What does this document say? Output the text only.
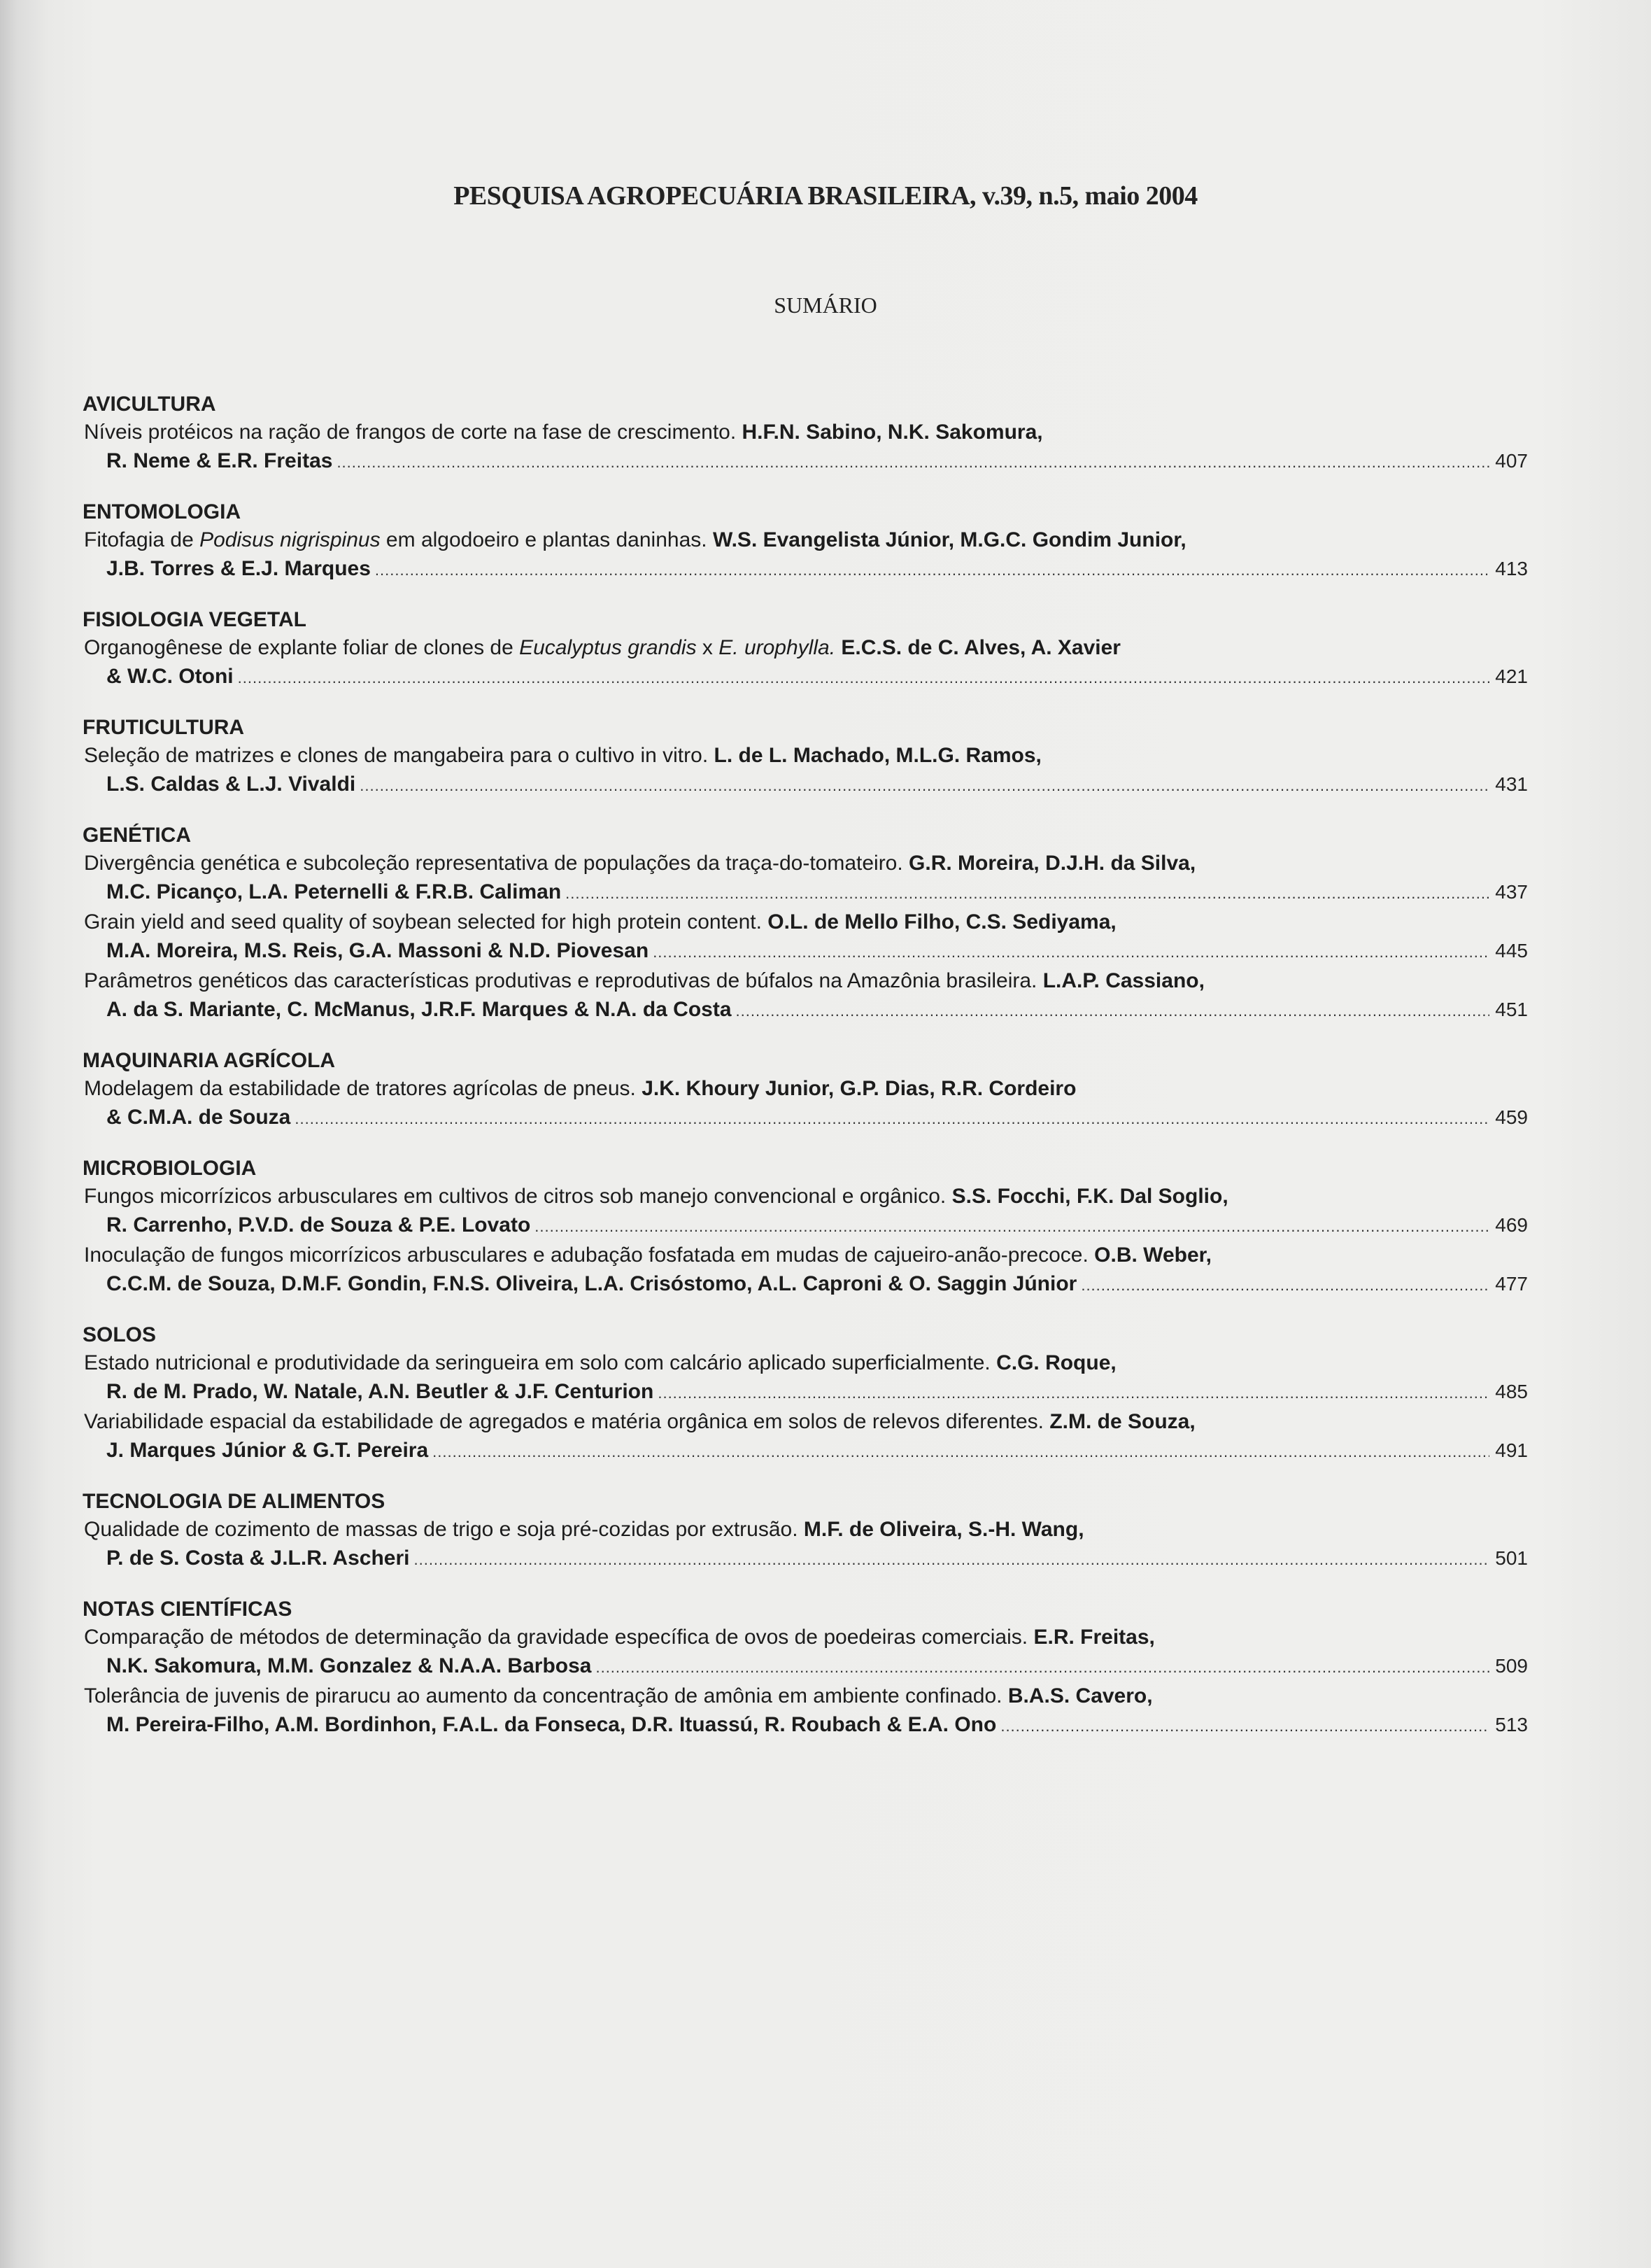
PESQUISA AGROPECUÁRIA BRASILEIRA, v.39, n.5, maio 2004
SUMÁRIO
AVICULTURA
Níveis protéicos na ração de frangos de corte na fase de crescimento. H.F.N. Sabino, N.K. Sakomura,
R. Neme & E.R. Freitas .....	407
ENTOMOLOGIA
Fitofagia de Podisus nigrispinus em algodoeiro e plantas daninhas. W.S. Evangelista Júnior, M.G.C. Gondim Junior,
J.B. Torres & E.J. Marques .....	413
FISIOLOGIA VEGETAL
Organogênese de explante foliar de clones de Eucalyptus grandis x E. urophylla. E.C.S. de C. Alves, A. Xavier
& W.C. Otoni .....	421
FRUTICULTURA
Seleção de matrizes e clones de mangabeira para o cultivo in vitro. L. de L. Machado, M.L.G. Ramos,
L.S. Caldas & L.J. Vivaldi .....	431
GENÉTICA
Divergência genética e subcoleção representativa de populações da traça-do-tomateiro. G.R. Moreira, D.J.H. da Silva,
M.C. Picanço, L.A. Peternelli & F.R.B. Caliman .....	437
Grain yield and seed quality of soybean selected for high protein content. O.L. de Mello Filho, C.S. Sediyama,
M.A. Moreira, M.S. Reis, G.A. Massoni & N.D. Piovesan .....	445
Parâmetros genéticos das características produtivas e reprodutivas de búfalos na Amazônia brasileira. L.A.P. Cassiano,
A. da S. Mariante, C. McManus, J.R.F. Marques & N.A. da Costa .....	451
MAQUINARIA AGRÍCOLA
Modelagem da estabilidade de tratores agrícolas de pneus. J.K. Khoury Junior, G.P. Dias, R.R. Cordeiro
& C.M.A. de Souza .....	459
MICROBIOLOGIA
Fungos micorrízicos arbusculares em cultivos de citros sob manejo convencional e orgânico. S.S. Focchi, F.K. Dal Soglio,
R. Carrenho, P.V.D. de Souza & P.E. Lovato .....	469
Inoculação de fungos micorrízicos arbusculares e adubação fosfatada em mudas de cajueiro-anão-precoce. O.B. Weber,
C.C.M. de Souza, D.M.F. Gondin, F.N.S. Oliveira, L.A. Crisóstomo, A.L. Caproni & O. Saggin Júnior .....	477
SOLOS
Estado nutricional e produtividade da seringueira em solo com calcário aplicado superficialmente. C.G. Roque,
R. de M. Prado, W. Natale, A.N. Beutler & J.F. Centurion .....	485
Variabilidade espacial da estabilidade de agregados e matéria orgânica em solos de relevos diferentes. Z.M. de Souza,
J. Marques Júnior & G.T. Pereira .....	491
TECNOLOGIA DE ALIMENTOS
Qualidade de cozimento de massas de trigo e soja pré-cozidas por extrusão. M.F. de Oliveira, S.-H. Wang,
P. de S. Costa & J.L.R. Ascheri .....	501
NOTAS CIENTÍFICAS
Comparação de métodos de determinação da gravidade específica de ovos de poedeiras comerciais. E.R. Freitas,
N.K. Sakomura, M.M. Gonzalez & N.A.A. Barbosa .....	509
Tolerância de juvenis de pirarucu ao aumento da concentração de amônia em ambiente confinado. B.A.S. Cavero,
M. Pereira-Filho, A.M. Bordinhon, F.A.L. da Fonseca, D.R. Ituassú, R. Roubach & E.A. Ono .....	513
